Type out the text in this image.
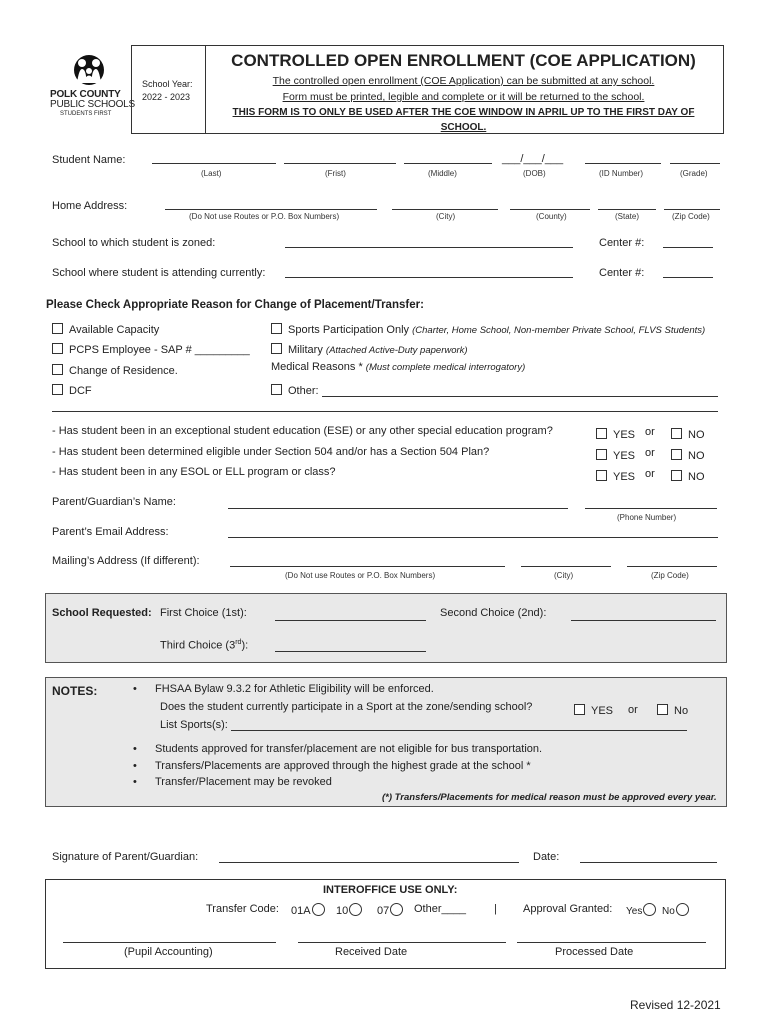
POLK COUNTY
PUBLIC SCHOOLS
STUDENTS FIRST
School Year:
2022 - 2023
CONTROLLED OPEN ENROLLMENT (COE APPLICATION)
The controlled open enrollment (COE Application) can be submitted at any school.
Form must be printed, legible and complete or it will be returned to the school.
THIS FORM IS TO ONLY BE USED AFTER THE COE WINDOW IN APRIL UP TO THE FIRST DAY OF
SCHOOL.
Student Name:	___/___/___
(Last)	(Frist)	(Middle)	(DOB)	(ID Number)	(Grade)
Home Address:
(Do Not use Routes or P.O. Box Numbers)	(City)	(County)	(State)	(Zip Code)
School to which student is zoned:	Center #:
School where student is attending currently:	Center #:
Please Check Appropriate Reason for Change of Placement/Transfer:
Available Capacity
PCPS Employee - SAP # _________
Change of Residence.
DCF
Sports Participation Only (Charter, Home School, Non-member Private School, FLVS Students)
Military (Attached Active-Duty paperwork)
Medical Reasons * (Must complete medical interrogatory)
Other:
- Has student been in an exceptional student education (ESE) or any other special education program?
- Has student been determined eligible under Section 504 and/or has a Section 504 Plan?
- Has student been in any ESOL or ELL program or class?
YES or	NO
YES or	NO
YES or	NO
Parent/Guardian’s Name:
(Phone Number)
Parent’s Email Address:
Mailing’s Address (If different):
(Do Not use Routes or P.O. Box Numbers)	(City)	(Zip Code)
School Requested: First Choice (1st):	Second Choice (2nd):
Third Choice (3rd):
NOTES:	• FHSAA Bylaw 9.3.2 for Athletic Eligibility will be enforced.
Does the student currently participate in a Sport at the zone/sending school?	YES or	No
List Sports(s):
• Students approved for transfer/placement are not eligible for bus transportation.
• Transfers/Placements are approved through the highest grade at the school *
• Transfer/Placement may be revoked
(*) Transfers/Placements for medical reason must be approved every year.
Signature of Parent/Guardian:	Date:
INTEROFFICE USE ONLY:
Transfer Code: 01A	10	07	Other____	| Approval Granted: Yes	No
(Pupil Accounting)	Received Date	Processed Date
Revised 12-2021
